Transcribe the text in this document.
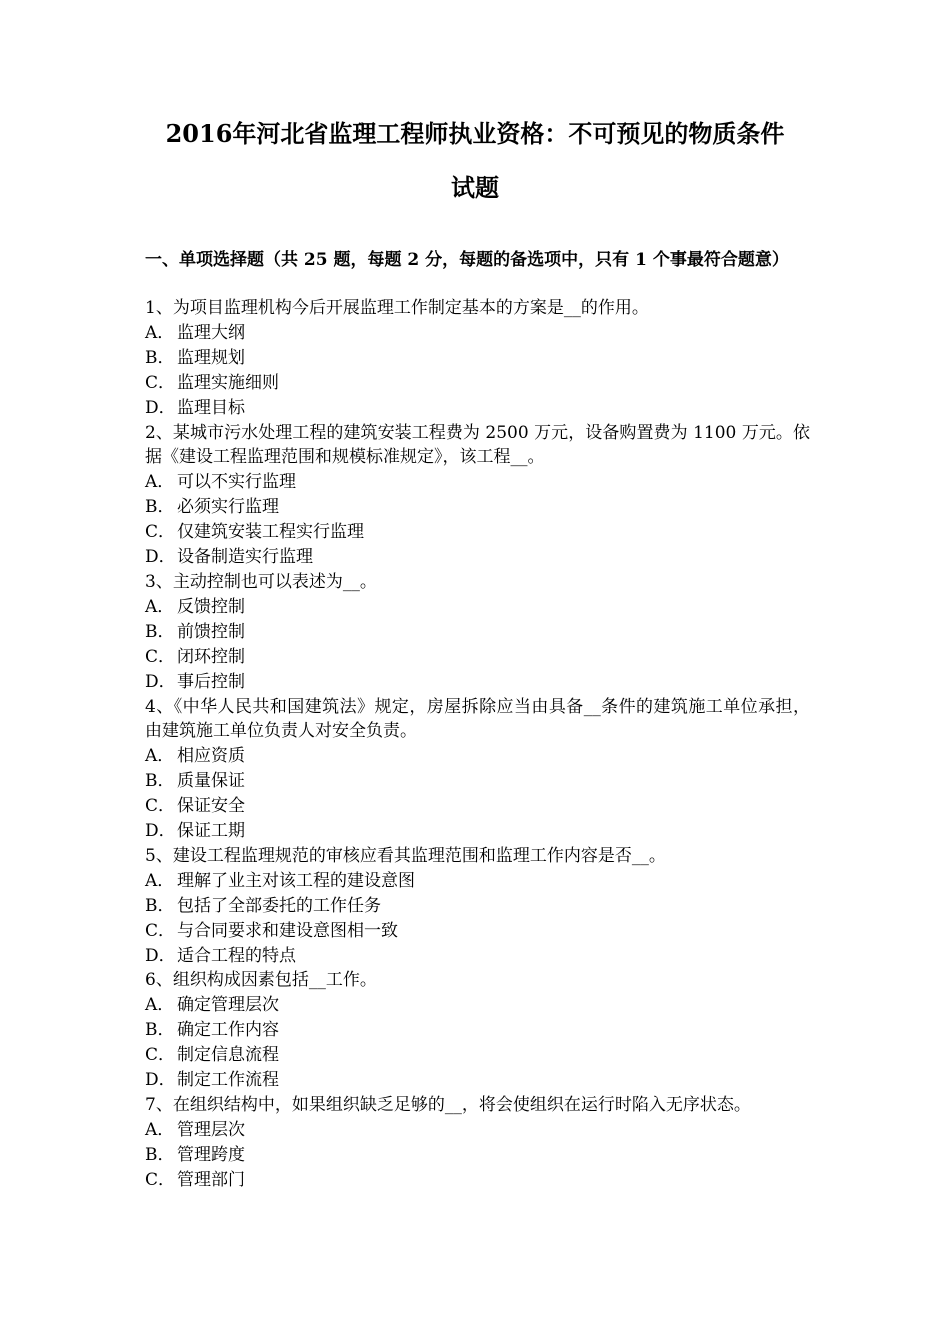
2016年河北省监理工程师执业资格：不可预见的物质条件
试题

一、单项选择题（共 25 题，每题 2 分，每题的备选项中，只有 1 个事最符合题意）

1、为项目监理机构今后开展监理工作制定基本的方案是__的作用。

A． 监理大纲

B． 监理规划

C． 监理实施细则

D．监理目标

2、某城市污水处理工程的建筑安装工程费为 2500 万元，设备购置费为 1100 万元。依据《建设工程监理范围和规模标准规定》，该工程__。

A． 可以不实行监理

B． 必须实行监理

C． 仅建筑安装工程实行监理

D．设备制造实行监理

3、主动控制也可以表述为__。

A． 反馈控制

B． 前馈控制

C． 闭环控制

D．事后控制

4、《中华人民共和国建筑法》规定，房屋拆除应当由具备__条件的建筑施工单位承担，由建筑施工单位负责人对安全负责。

A． 相应资质

B． 质量保证

C． 保证安全

D．保证工期

5、建设工程监理规范的审核应看其监理范围和监理工作内容是否__。

A． 理解了业主对该工程的建设意图

B． 包括了全部委托的工作任务

C． 与合同要求和建设意图相一致

D．适合工程的特点

6、组织构成因素包括__工作。

A． 确定管理层次

B． 确定工作内容

C． 制定信息流程

D．制定工作流程

7、在组织结构中，如果组织缺乏足够的__，将会使组织在运行时陷入无序状态。

A． 管理层次

B． 管理跨度

C． 管理部门
